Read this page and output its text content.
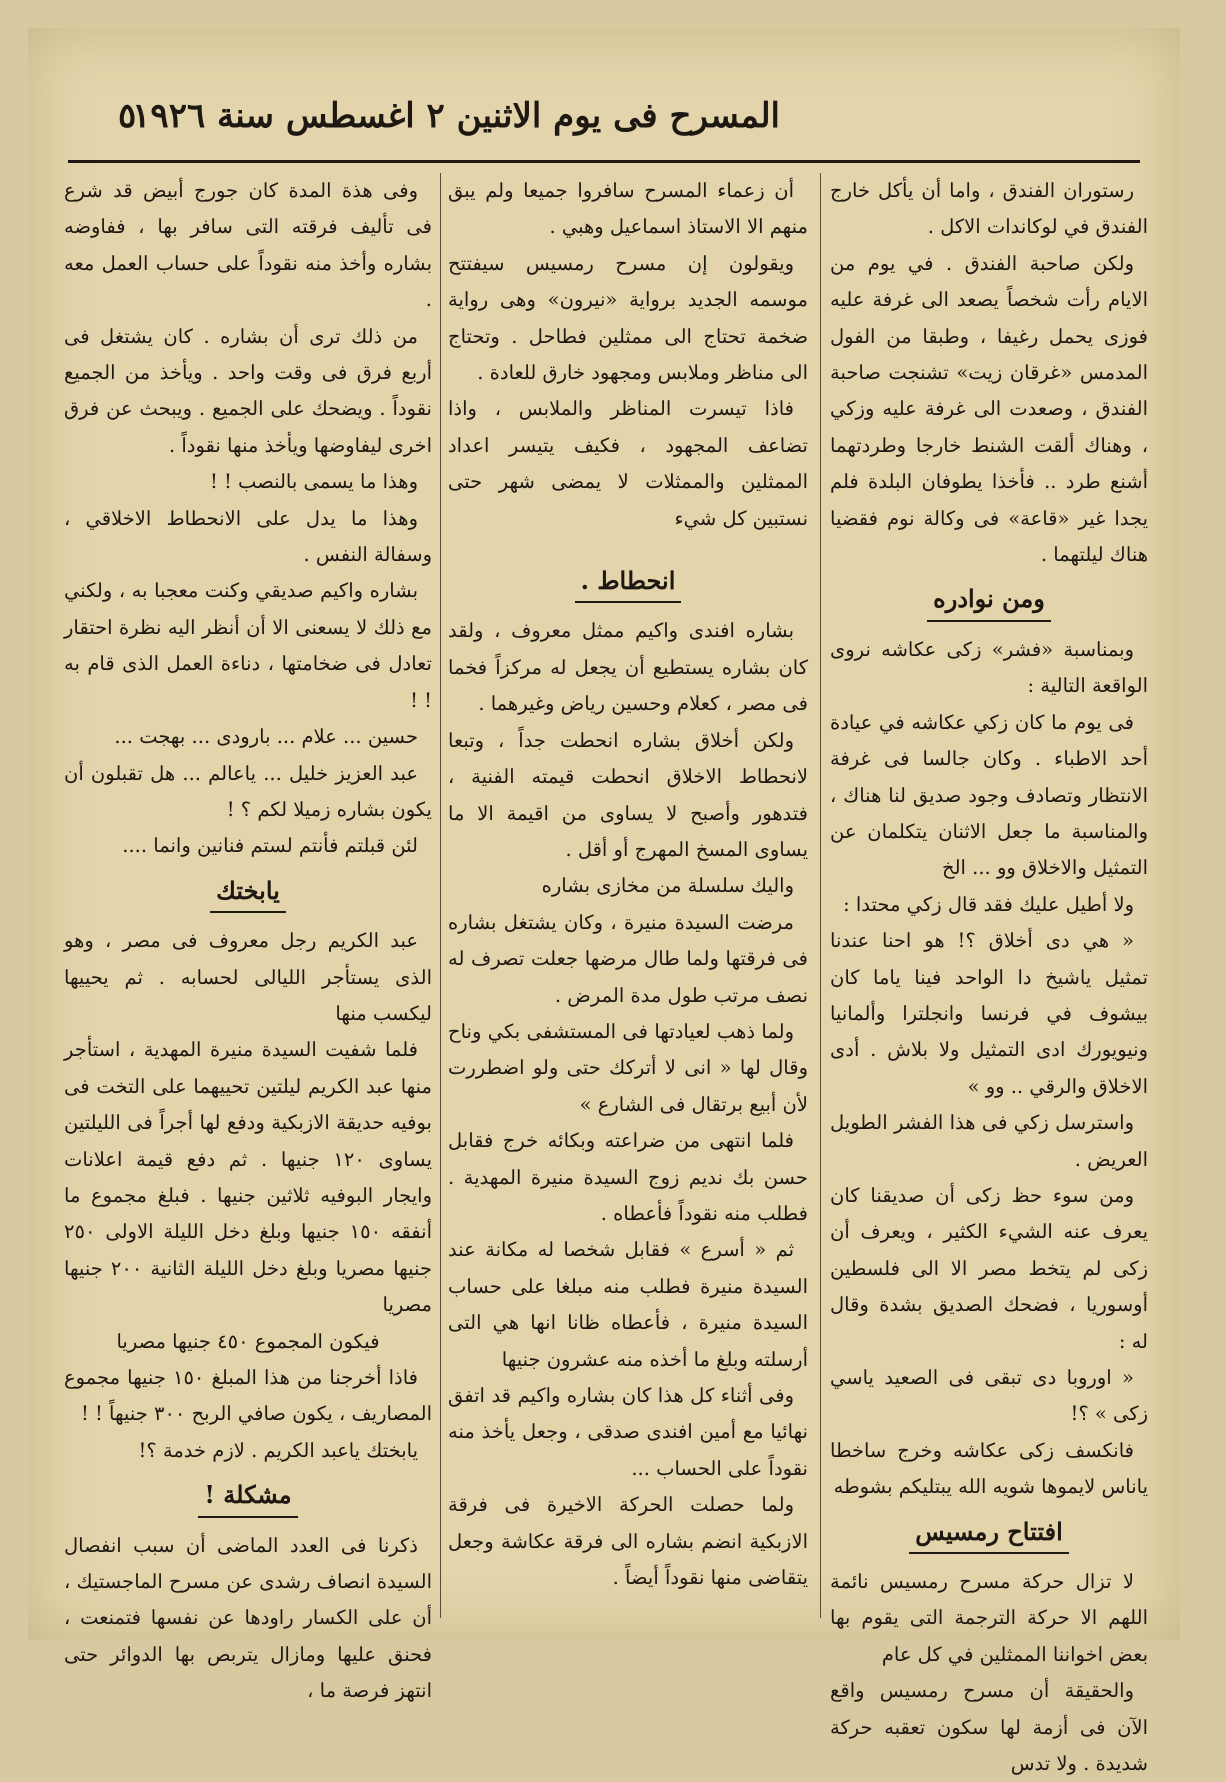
المسرح فى يوم الاثنين ٢ اغسطس سنة ١٩٢٦
٥

رستوران الفندق ، واما أن يأكل خارج الفندق في لوكاندات الاكل .

ولكن صاحبة الفندق . في يوم من الايام رأت شخصاً يصعد الى غرفة عليه فوزى يحمل رغيفا ، وطبقا من الفول المدمس «غرقان زيت» تشنجت صاحبة الفندق ، وصعدت الى غرفة عليه وزكي ، وهناك ألقت الشنط خارجا وطردتهما أشنع طرد .. فأخذا يطوفان البلدة فلم يجدا غير «قاعة» فى وكالة نوم فقضيا هناك ليلتهما .

ومن نوادره

وبمناسبة «فشر» زكى عكاشه نروى الواقعة التالية :

فى يوم ما كان زكي عكاشه في عيادة أحد الاطباء . وكان جالسا فى غرفة الانتظار وتصادف وجود صديق لنا هناك ، والمناسبة ما جعل الاثنان يتكلمان عن التمثيل والاخلاق وو ... الخ

ولا أطيل عليك فقد قال زكي محتدا :

« هي دى أخلاق ؟! هو احنا عندنا تمثيل ياشيخ دا الواحد فينا ياما كان بيشوف في فرنسا وانجلترا وألمانيا ونيويورك ادى التمثيل ولا بلاش . أدى الاخلاق والرقي .. وو »

واسترسل زكي فى هذا الفشر الطويل العريض .

ومن سوء حظ زكى أن صديقنا كان يعرف عنه الشيء الكثير ، ويعرف أن زكى لم يتخط مصر الا الى فلسطين أوسوريا ، فضحك الصديق بشدة وقال له :

« اوروبا دى تبقى فى الصعيد ياسي زكى » ؟!

فانكسف زكى عكاشه وخرج ساخطا ياناس لايموها شويه الله يبتليكم بشوطه

افتتاح رمسيس

لا تزال حركة مسرح رمسيس نائمة اللهم الا حركة الترجمة التى يقوم بها بعض اخواننا الممثلين في كل عام

والحقيقة أن مسرح رمسيس واقع الآن فى أزمة لها سكون تعقبه حركة شديدة . ولا تدس

أن زعماء المسرح سافروا جميعا ولم يبق منهم الا الاستاذ اسماعيل وهبي .

ويقولون إن مسرح رمسيس سيفتتح موسمه الجديد برواية «نيرون» وهى رواية ضخمة تحتاج الى ممثلين فطاحل . وتحتاج الى مناظر وملابس ومجهود خارق للعادة .

فاذا تيسرت المناظر والملابس ، واذا تضاعف المجهود ، فكيف يتيسر اعداد الممثلين والممثلات لا يمضى شهر حتى نستبين كل شيء

انحطاط .

بشاره افندى واكيم ممثل معروف ، ولقد كان بشاره يستطيع أن يجعل له مركزاً فخما فى مصر ، كعلام وحسين رياض وغيرهما .

ولكن أخلاق بشاره انحطت جداً ، وتبعا لانحطاط الاخلاق انحطت قيمته الفنية ، فتدهور وأصبح لا يساوى من اقيمة الا ما يساوى المسخ المهرج أو أقل .

واليك سلسلة من مخازى بشاره

مرضت السيدة منيرة ، وكان يشتغل بشاره فى فرقتها ولما طال مرضها جعلت تصرف له نصف مرتب طول مدة المرض .

ولما ذهب لعيادتها فى المستشفى بكي وناح وقال لها « انى لا أتركك حتى ولو اضطررت لأن أبيع برتقال فى الشارع »

فلما انتهى من ضراعته وبكائه خرج فقابل حسن بك نديم زوج السيدة منيرة المهدية . فطلب منه نقوداً فأعطاه .

ثم « أسرع » فقابل شخصا له مكانة عند السيدة منيرة فطلب منه مبلغا على حساب السيدة منيرة ، فأعطاه ظانا انها هي التى أرسلته وبلغ ما أخذه منه عشرون جنيها

وفى أثناء كل هذا كان بشاره واكيم قد اتفق نهائيا مع أمين افندى صدقى ، وجعل يأخذ منه نقوداً على الحساب ...

ولما حصلت الحركة الاخيرة فى فرقة الازبكية انضم بشاره الى فرقة عكاشة وجعل يتقاضى منها نقوداً أيضاً .

وفى هذة المدة كان جورج أبيض قد شرع فى تأليف فرقته التى سافر بها ، ففاوضه بشاره وأخذ منه نقوداً على حساب العمل معه .

من ذلك ترى أن بشاره . كان يشتغل فى أربع فرق فى وقت واحد . ويأخذ من الجميع نقوداً . ويضحك على الجميع . ويبحث عن فرق اخرى ليفاوضها ويأخذ منها نقوداً .

وهذا ما يسمى بالنصب ! !

وهذا ما يدل على الانحطاط الاخلاقي ، وسفالة النفس .

بشاره واكيم صديقي وكنت معجبا به ، ولكني مع ذلك لا يسعنى الا أن أنظر اليه نظرة احتقار تعادل فى ضخامتها ، دناءة العمل الذى قام به ! !

حسين ... علام ... بارودى ... بهجت ...

عبد العزيز خليل ... ياعالم ... هل تقبلون أن يكون بشاره زميلا لكم ؟ !

لئن قبلتم فأنتم لستم فنانين وانما ....

يابختك

عبد الكريم رجل معروف فى مصر ، وهو الذى يستأجر الليالى لحسابه . ثم يحييها ليكسب منها

فلما شفيت السيدة منيرة المهدية ، استأجر منها عبد الكريم ليلتين تحييهما على التخت فى بوفيه حديقة الازبكية ودفع لها أجراً فى الليلتين يساوى ١٢٠ جنيها . ثم دفع قيمة اعلانات وايجار البوفيه ثلاثين جنيها . فبلغ مجموع ما أنفقه ١٥٠ جنيها وبلغ دخل الليلة الاولى ٢٥٠ جنيها مصريا وبلغ دخل الليلة الثانية ٢٠٠ جنيها مصريا

فيكون المجموع ٤٥٠ جنيها مصريا

فاذا أخرجنا من هذا المبلغ ١٥٠ جنيها مجموع المصاريف ، يكون صافي الربح ٣٠٠ جنيهاً ! !

يابختك ياعبد الكريم . لازم خدمة ؟!

مشكلة !

ذكرنا فى العدد الماضى أن سبب انفصال السيدة انصاف رشدى عن مسرح الماجستيك ، أن على الكسار راودها عن نفسها فتمنعت ، فحنق عليها ومازال يتربص بها الدوائر حتى انتهز فرصة ما ،
